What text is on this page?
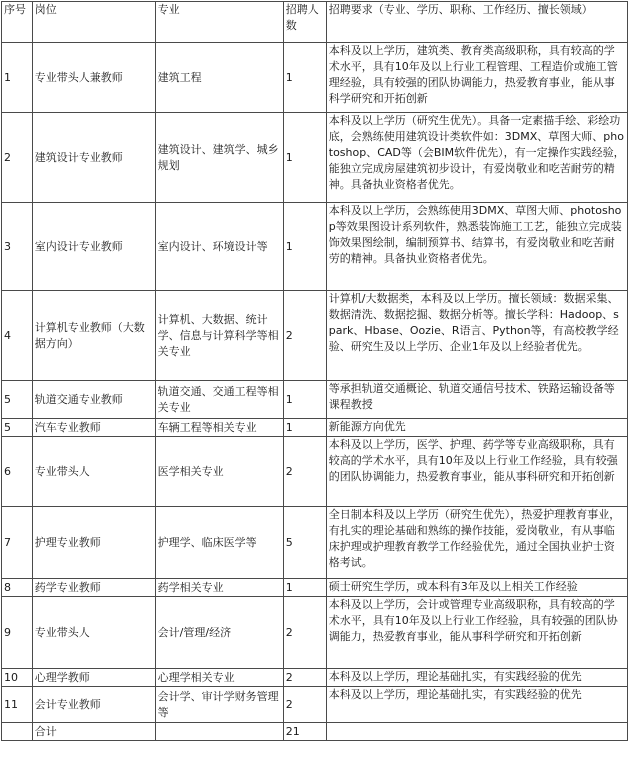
序号	岗位	专业	招聘人数	招聘要求（专业、学历、职称、工作经历、擅长领域）
1	专业带头人兼教师	建筑工程	1	本科及以上学历，建筑类、教育类高级职称，具有较高的学术水平，具有10年及以上行业工程管理、工程造价或施工管理经验，具有较强的团队协调能力，热爱教育事业，能从事科学研究和开拓创新
2	建筑设计专业教师	建筑设计、建筑学、城乡规划	1	本科及以上学历（研究生优先）。具备一定素描手绘、彩绘功底，会熟练使用建筑设计类软件如：3DMX、草图大师、photoshop、CAD等（会BIM软件优先），有一定操作实践经验，能独立完成房屋建筑初步设计，有爱岗敬业和吃苦耐劳的精神。具备执业资格者优先。
3	室内设计专业教师	室内设计、环境设计等	1	本科及以上学历，会熟练使用3DMX、草图大师、photoshop等效果图设计系列软件，熟悉装饰施工工艺，能独立完成装饰效果图绘制，编制预算书、结算书，有爱岗敬业和吃苦耐劳的精神。具备执业资格者优先。
4	计算机专业教师（大数据方向）	计算机、大数据、统计学、信息与计算科学等相关专业	2	计算机/大数据类，本科及以上学历。擅长领域：数据采集、数据清洗、数据挖掘、数据分析等。擅长学科：Hadoop、spark、Hbase、Oozie、R语言、Python等，有高校教学经验、研究生及以上学历、企业1年及以上经验者优先。
5	轨道交通专业教师	轨道交通、交通工程等相关专业	1	等承担轨道交通概论、轨道交通信号技术、铁路运输设备等课程教授
5	汽车专业教师	车辆工程等相关专业	1	新能源方向优先
6	专业带头人	医学相关专业	2	本科及以上学历，医学、护理、药学等专业高级职称，具有较高的学术水平，具有10年及以上行业工作经验，具有较强的团队协调能力，热爱教育事业，能从事科研究和开拓创新
7	护理专业教师	护理学、临床医学等	5	全日制本科及以上学历（研究生优先），热爱护理教育事业，有扎实的理论基础和熟练的操作技能，爱岗敬业，有从事临床护理或护理教育教学工作经验优先，通过全国执业护士资格考试。
8	药学专业教师	药学相关专业	1	硕士研究生学历，或本科有3年及以上相关工作经验
9	专业带头人	会计/管理/经济	2	本科及以上学历，会计或管理专业高级职称，具有较高的学术水平，具有10年及以上行业工作经验，具有较强的团队协调能力，热爱教育事业，能从事科学研究和开拓创新
10	心理学教师	心理学相关专业	2	本科及以上学历，理论基础扎实，有实践经验的优先
11	会计专业教师	会计学、审计学财务管理等	2	本科及以上学历，理论基础扎实，有实践经验的优先
	合计		21	
